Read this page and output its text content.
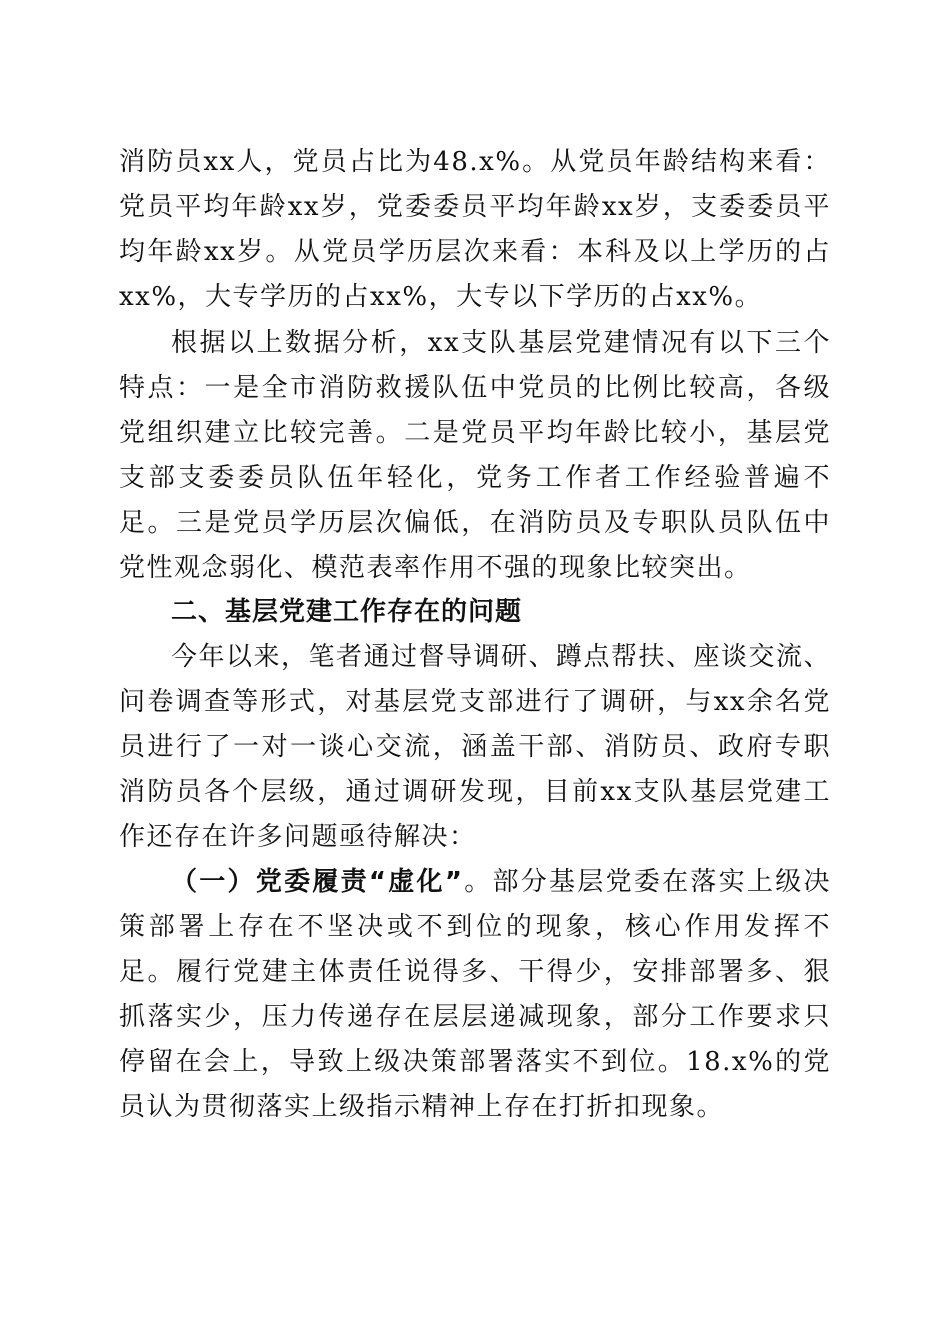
消防员xx人，党员占比为48.x%。从党员年龄结构来看：党员平均年龄xx岁，党委委员平均年龄xx岁，支委委员平均年龄xx岁。从党员学历层次来看：本科及以上学历的占xx%，大专学历的占xx%，大专以下学历的占xx%。

根据以上数据分析，xx支队基层党建情况有以下三个特点：一是全市消防救援队伍中党员的比例比较高，各级党组织建立比较完善。二是党员平均年龄比较小，基层党支部支委委员队伍年轻化，党务工作者工作经验普遍不足。三是党员学历层次偏低，在消防员及专职队员队伍中党性观念弱化、模范表率作用不强的现象比较突出。

二、基层党建工作存在的问题

今年以来，笔者通过督导调研、蹲点帮扶、座谈交流、问卷调查等形式，对基层党支部进行了调研，与xx余名党员进行了一对一谈心交流，涵盖干部、消防员、政府专职消防员各个层级，通过调研发现，目前xx支队基层党建工作还存在许多问题亟待解决：

（一）党委履责“虚化”。部分基层党委在落实上级决策部署上存在不坚决或不到位的现象，核心作用发挥不足。履行党建主体责任说得多、干得少，安排部署多、狠抓落实少，压力传递存在层层递减现象，部分工作要求只停留在会上，导致上级决策部署落实不到位。18.x%的党员认为贯彻落实上级指示精神上存在打折扣现象。
